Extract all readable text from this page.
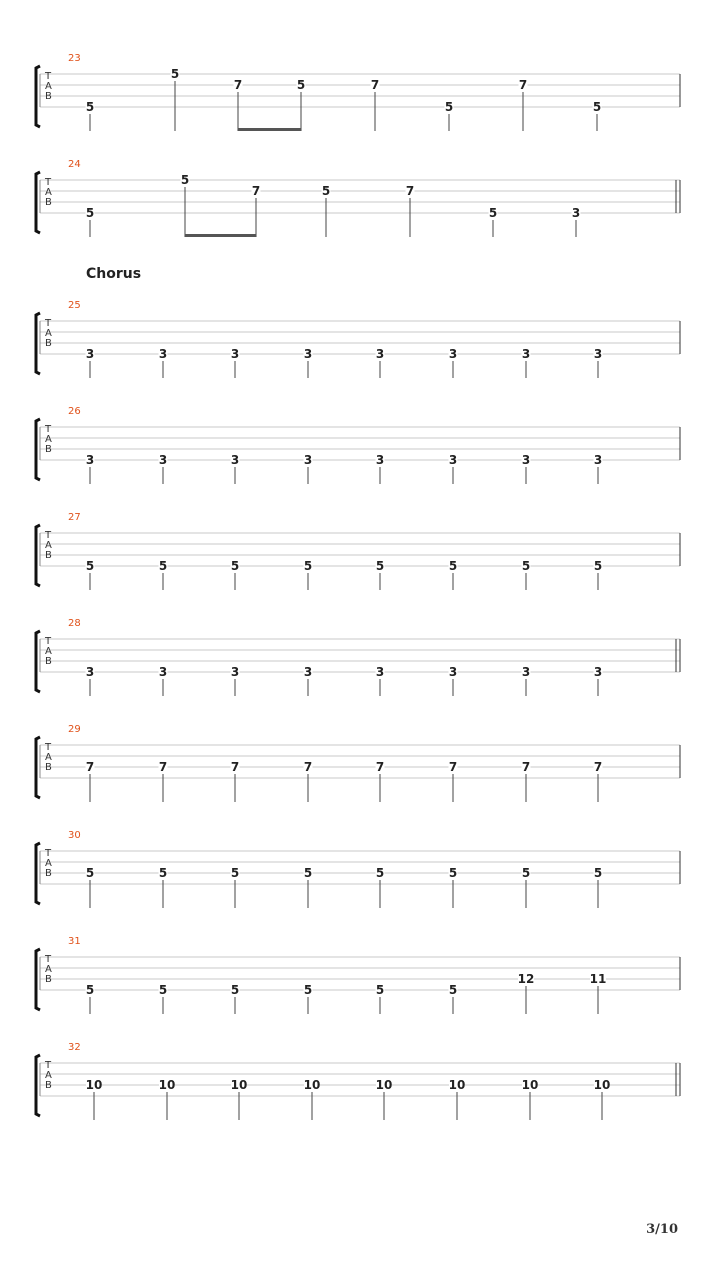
23
T
A
B
5
5
7	5	7
5
7
5
24
T
A
B
5
5
7	5	7
5	3
25
T
A
B
3	3	3	3	3	3	3	3
26
T
A
B
3	3	3	3	3	3	3	3
27
T
A
B
5	5	5	5	5	5	5	5
28
T
A
B
3	3	3	3	3	3	3	3
29
T
A
B	7	7	7	7	7	7	7	7
30
T
A
B	5	5	5	5	5	5	5	5
31
T
A
B
5	5	5	5	5	5
12	11
32
T
A
B	10	10	10	10	10	10	10	10
Chorus
3/10
